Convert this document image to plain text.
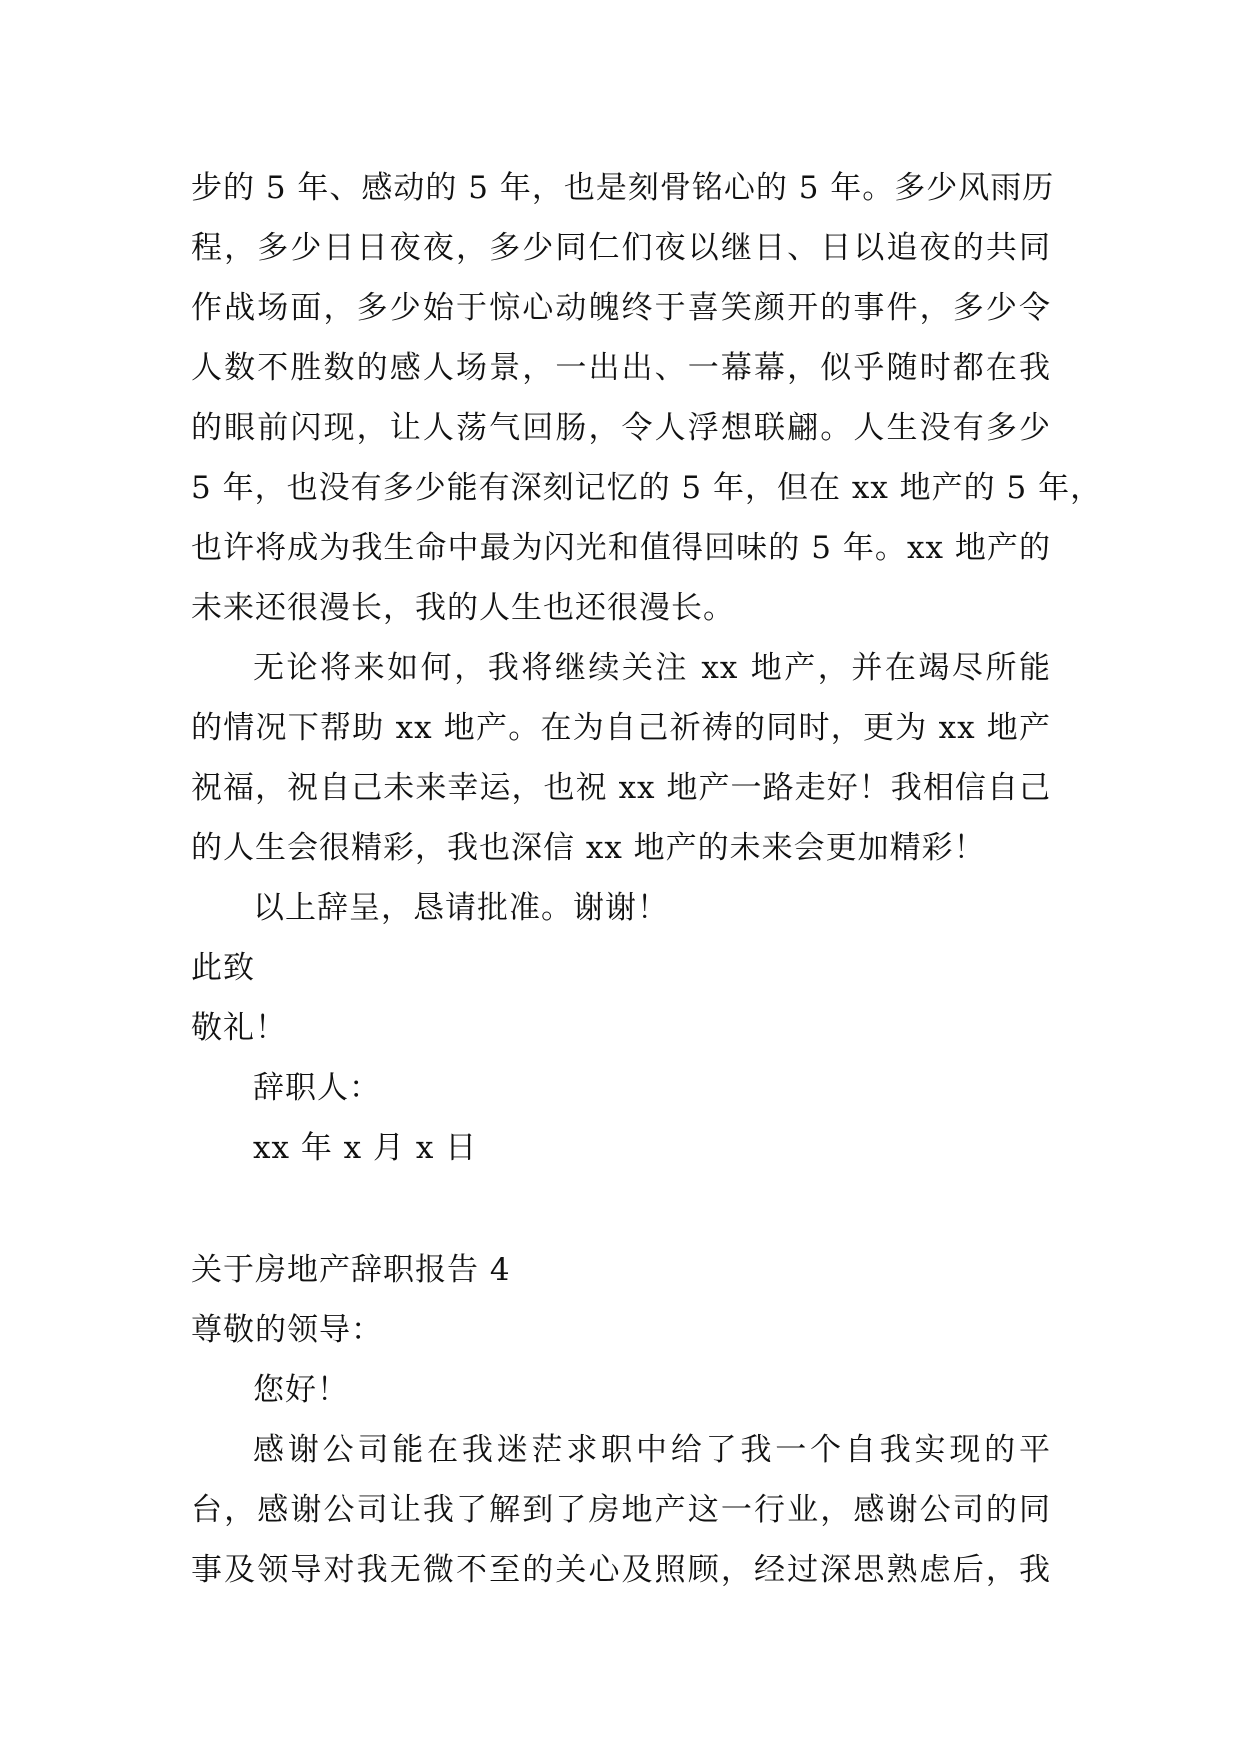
步的 5 年、感动的 5 年，也是刻骨铭心的 5 年。多少风雨历
程，多少日日夜夜，多少同仁们夜以继日、日以追夜的共同
作战场面，多少始于惊心动魄终于喜笑颜开的事件，多少令
人数不胜数的感人场景，一出出、一幕幕，似乎随时都在我
的眼前闪现，让人荡气回肠，令人浮想联翩。人生没有多少
5 年，也没有多少能有深刻记忆的 5 年，但在 xx 地产的 5 年，
也许将成为我生命中最为闪光和值得回味的 5 年。xx 地产的
未来还很漫长，我的人生也还很漫长。
无论将来如何，我将继续关注 xx 地产，并在竭尽所能
的情况下帮助 xx 地产。在为自己祈祷的同时，更为 xx 地产
祝福，祝自己未来幸运，也祝 xx 地产一路走好！我相信自己
的人生会很精彩，我也深信 xx 地产的未来会更加精彩！
以上辞呈，恳请批准。谢谢！
此致
敬礼！
辞职人：
xx 年 x 月 x 日
关于房地产辞职报告 4
尊敬的领导：
您好！
感谢公司能在我迷茫求职中给了我一个自我实现的平
台，感谢公司让我了解到了房地产这一行业，感谢公司的同
事及领导对我无微不至的关心及照顾，经过深思熟虑后，我
